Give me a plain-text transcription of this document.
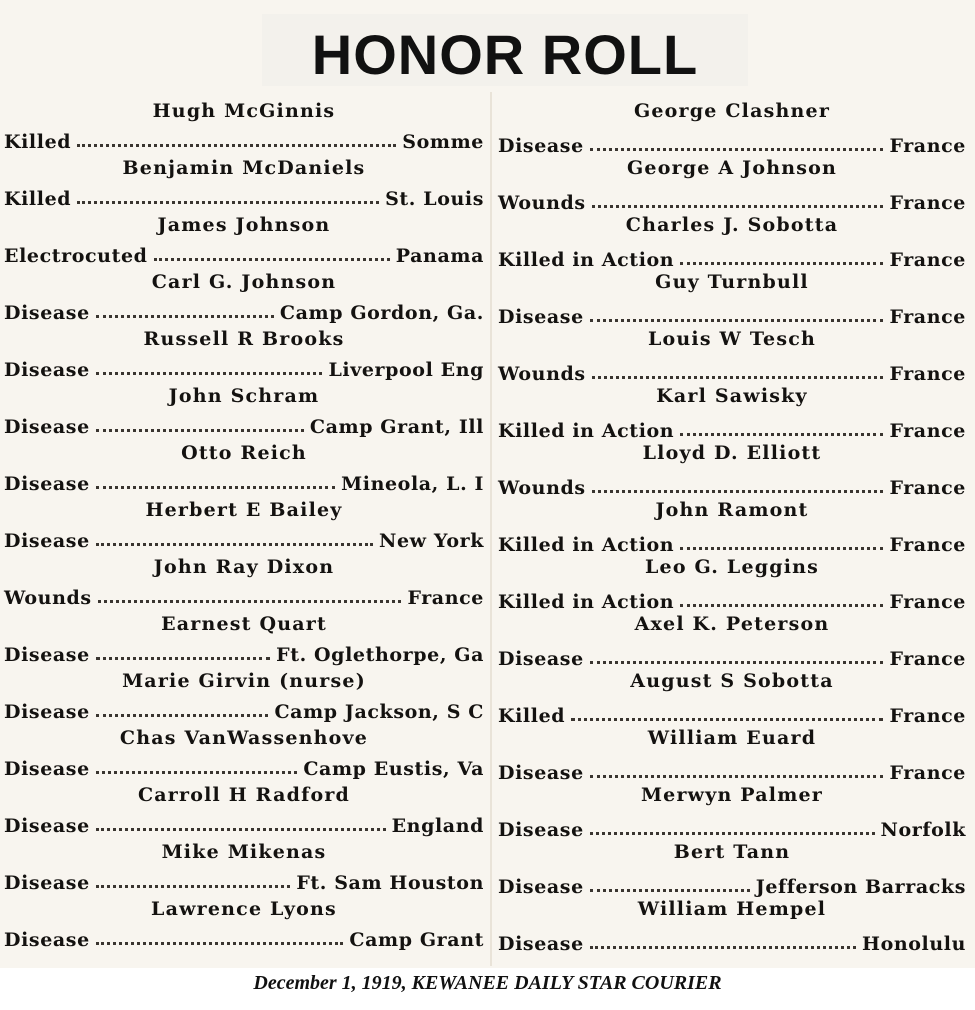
HONOR ROLL
Hugh McGinnis
Killed	Somme
Benjamin McDaniels
Killed	St. Louis
James Johnson
Electrocuted	Panama
Carl G. Johnson
Disease	Camp Gordon, Ga.
Russell R Brooks
Disease	Liverpool Eng
John Schram
Disease	Camp Grant, Ill
Otto Reich
Disease	Mineola, L. I
Herbert E Bailey
Disease	New York
John Ray Dixon
Wounds	France
Earnest Quart
Disease	Ft. Oglethorpe, Ga
Marie Girvin (nurse)
Disease	Camp Jackson, S C
Chas VanWassenhove
Disease	Camp Eustis, Va
Carroll H Radford
Disease	England
Mike Mikenas
Disease	Ft. Sam Houston
Lawrence Lyons
Disease	Camp Grant
George Clashner
Disease	France
George A Johnson
Wounds	France
Charles J. Sobotta
Killed in Action	France
Guy Turnbull
Disease	France
Louis W Tesch
Wounds	France
Karl Sawisky
Killed in Action	France
Lloyd D. Elliott
Wounds	France
John Ramont
Killed in Action	France
Leo G. Leggins
Killed in Action	France
Axel K. Peterson
Disease	France
August S Sobotta
Killed	France
William Euard
Disease	France
Merwyn Palmer
Disease	Norfolk
Bert Tann
Disease	Jefferson Barracks
William Hempel
Disease	Honolulu
December 1, 1919, KEWANEE DAILY STAR COURIER
